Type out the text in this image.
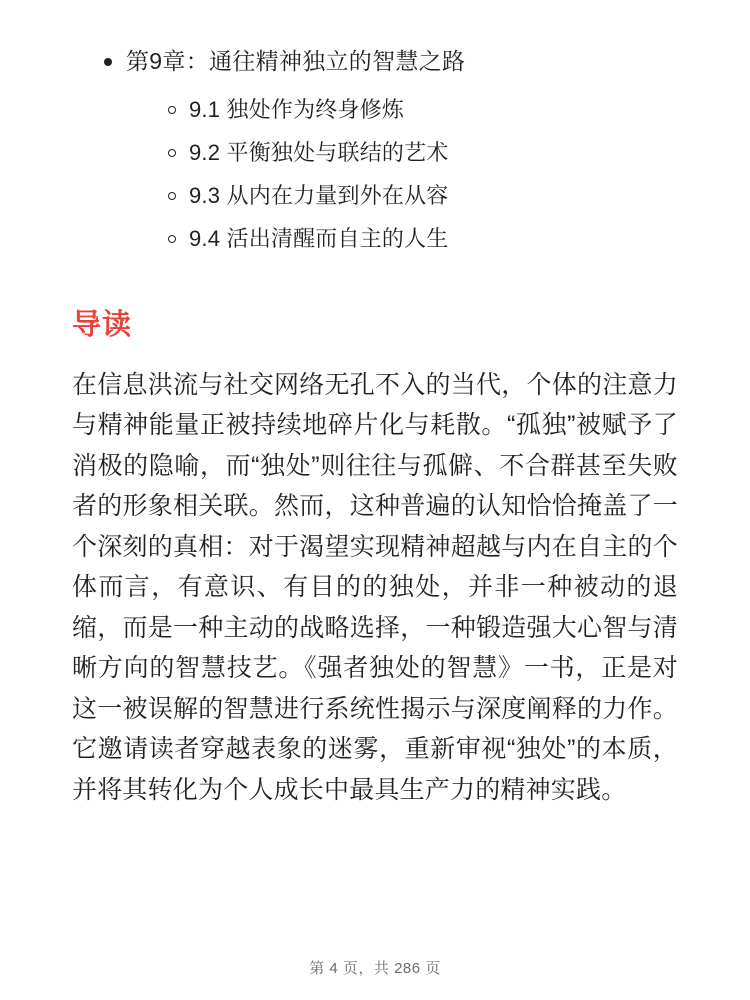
第9章：通往精神独立的智慧之路
9.1 独处作为终身修炼
9.2 平衡独处与联结的艺术
9.3 从内在力量到外在从容
9.4 活出清醒而自主的人生
导读

在信息洪流与社交网络无孔不入的当代，个体的注意力与精神能量正被持续地碎片化与耗散。“孤独”被赋予了消极的隐喻，而“独处”则往往与孤僻、不合群甚至失败者的形象相关联。然而，这种普遍的认知恰恰掩盖了一个深刻的真相：对于渴望实现精神超越与内在自主的个体而言，有意识、有目的的独处，并非一种被动的退缩，而是一种主动的战略选择，一种锻造强大心智与清晰方向的智慧技艺。《强者独处的智慧》一书，正是对这一被误解的智慧进行系统性揭示与深度阐释的力作。它邀请读者穿越表象的迷雾，重新审视“独处”的本质，并将其转化为个人成长中最具生产力的精神实践。

第 4 页，共 286 页
